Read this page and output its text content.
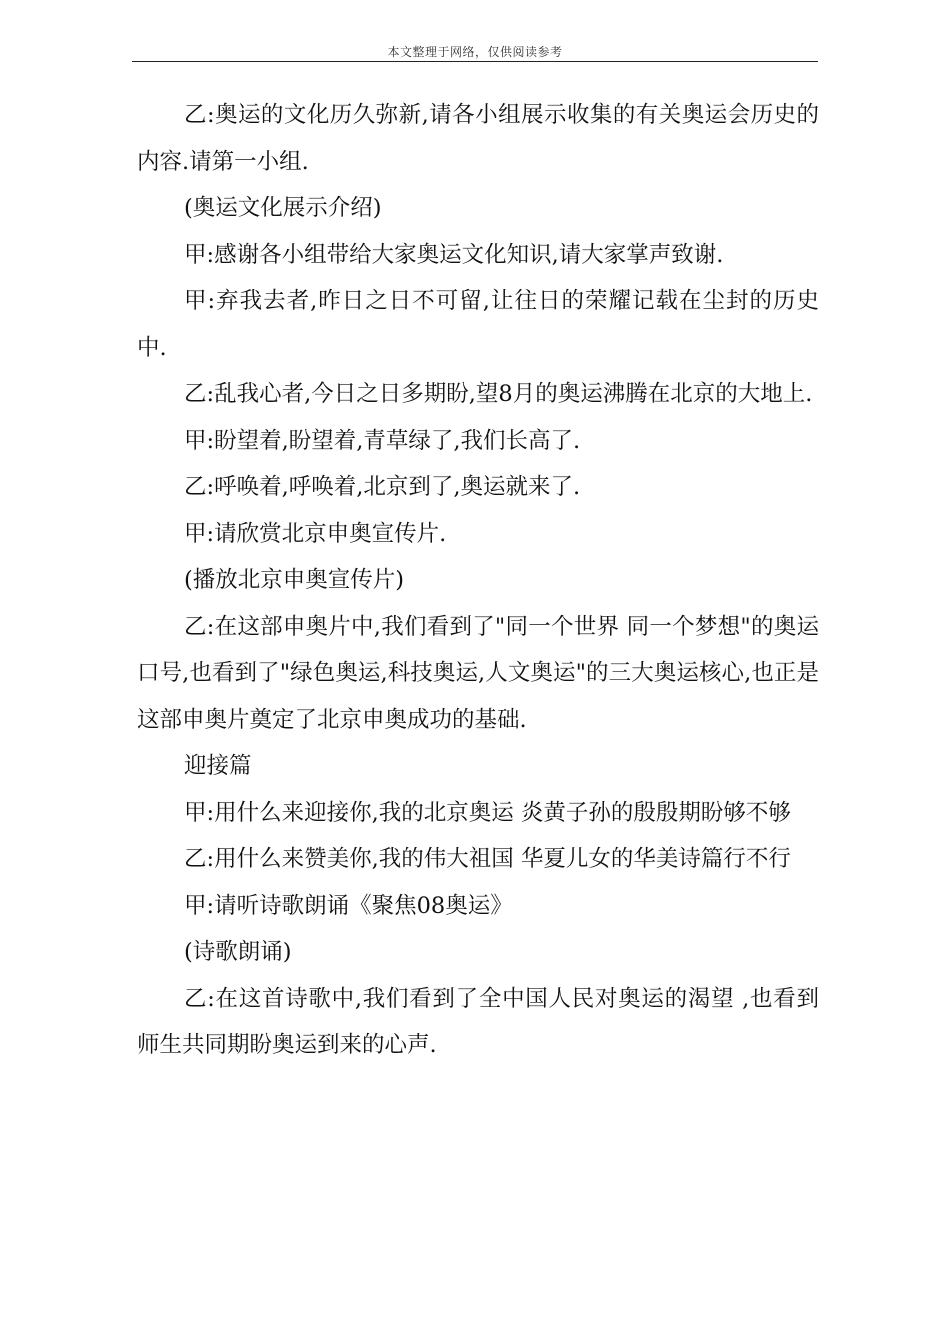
本文整理于网络，仅供阅读参考

乙:奥运的文化历久弥新,请各小组展示收集的有关奥运会历史的内容.请第一小组.

(奥运文化展示介绍)

甲:感谢各小组带给大家奥运文化知识,请大家掌声致谢.

甲:弃我去者,昨日之日不可留,让往日的荣耀记载在尘封的历史中.

乙:乱我心者,今日之日多期盼,望8月的奥运沸腾在北京的大地上.

甲:盼望着,盼望着,青草绿了,我们长高了.

乙:呼唤着,呼唤着,北京到了,奥运就来了.

甲:请欣赏北京申奥宣传片.

(播放北京申奥宣传片)

乙:在这部申奥片中,我们看到了"同一个世界 同一个梦想"的奥运口号,也看到了"绿色奥运,科技奥运,人文奥运"的三大奥运核心,也正是这部申奥片奠定了北京申奥成功的基础.

迎接篇

甲:用什么来迎接你,我的北京奥运 炎黄子孙的殷殷期盼够不够

乙:用什么来赞美你,我的伟大祖国 华夏儿女的华美诗篇行不行

甲:请听诗歌朗诵《聚焦08奥运》

(诗歌朗诵)

乙:在这首诗歌中,我们看到了全中国人民对奥运的渴望 ,也看到师生共同期盼奥运到来的心声.
